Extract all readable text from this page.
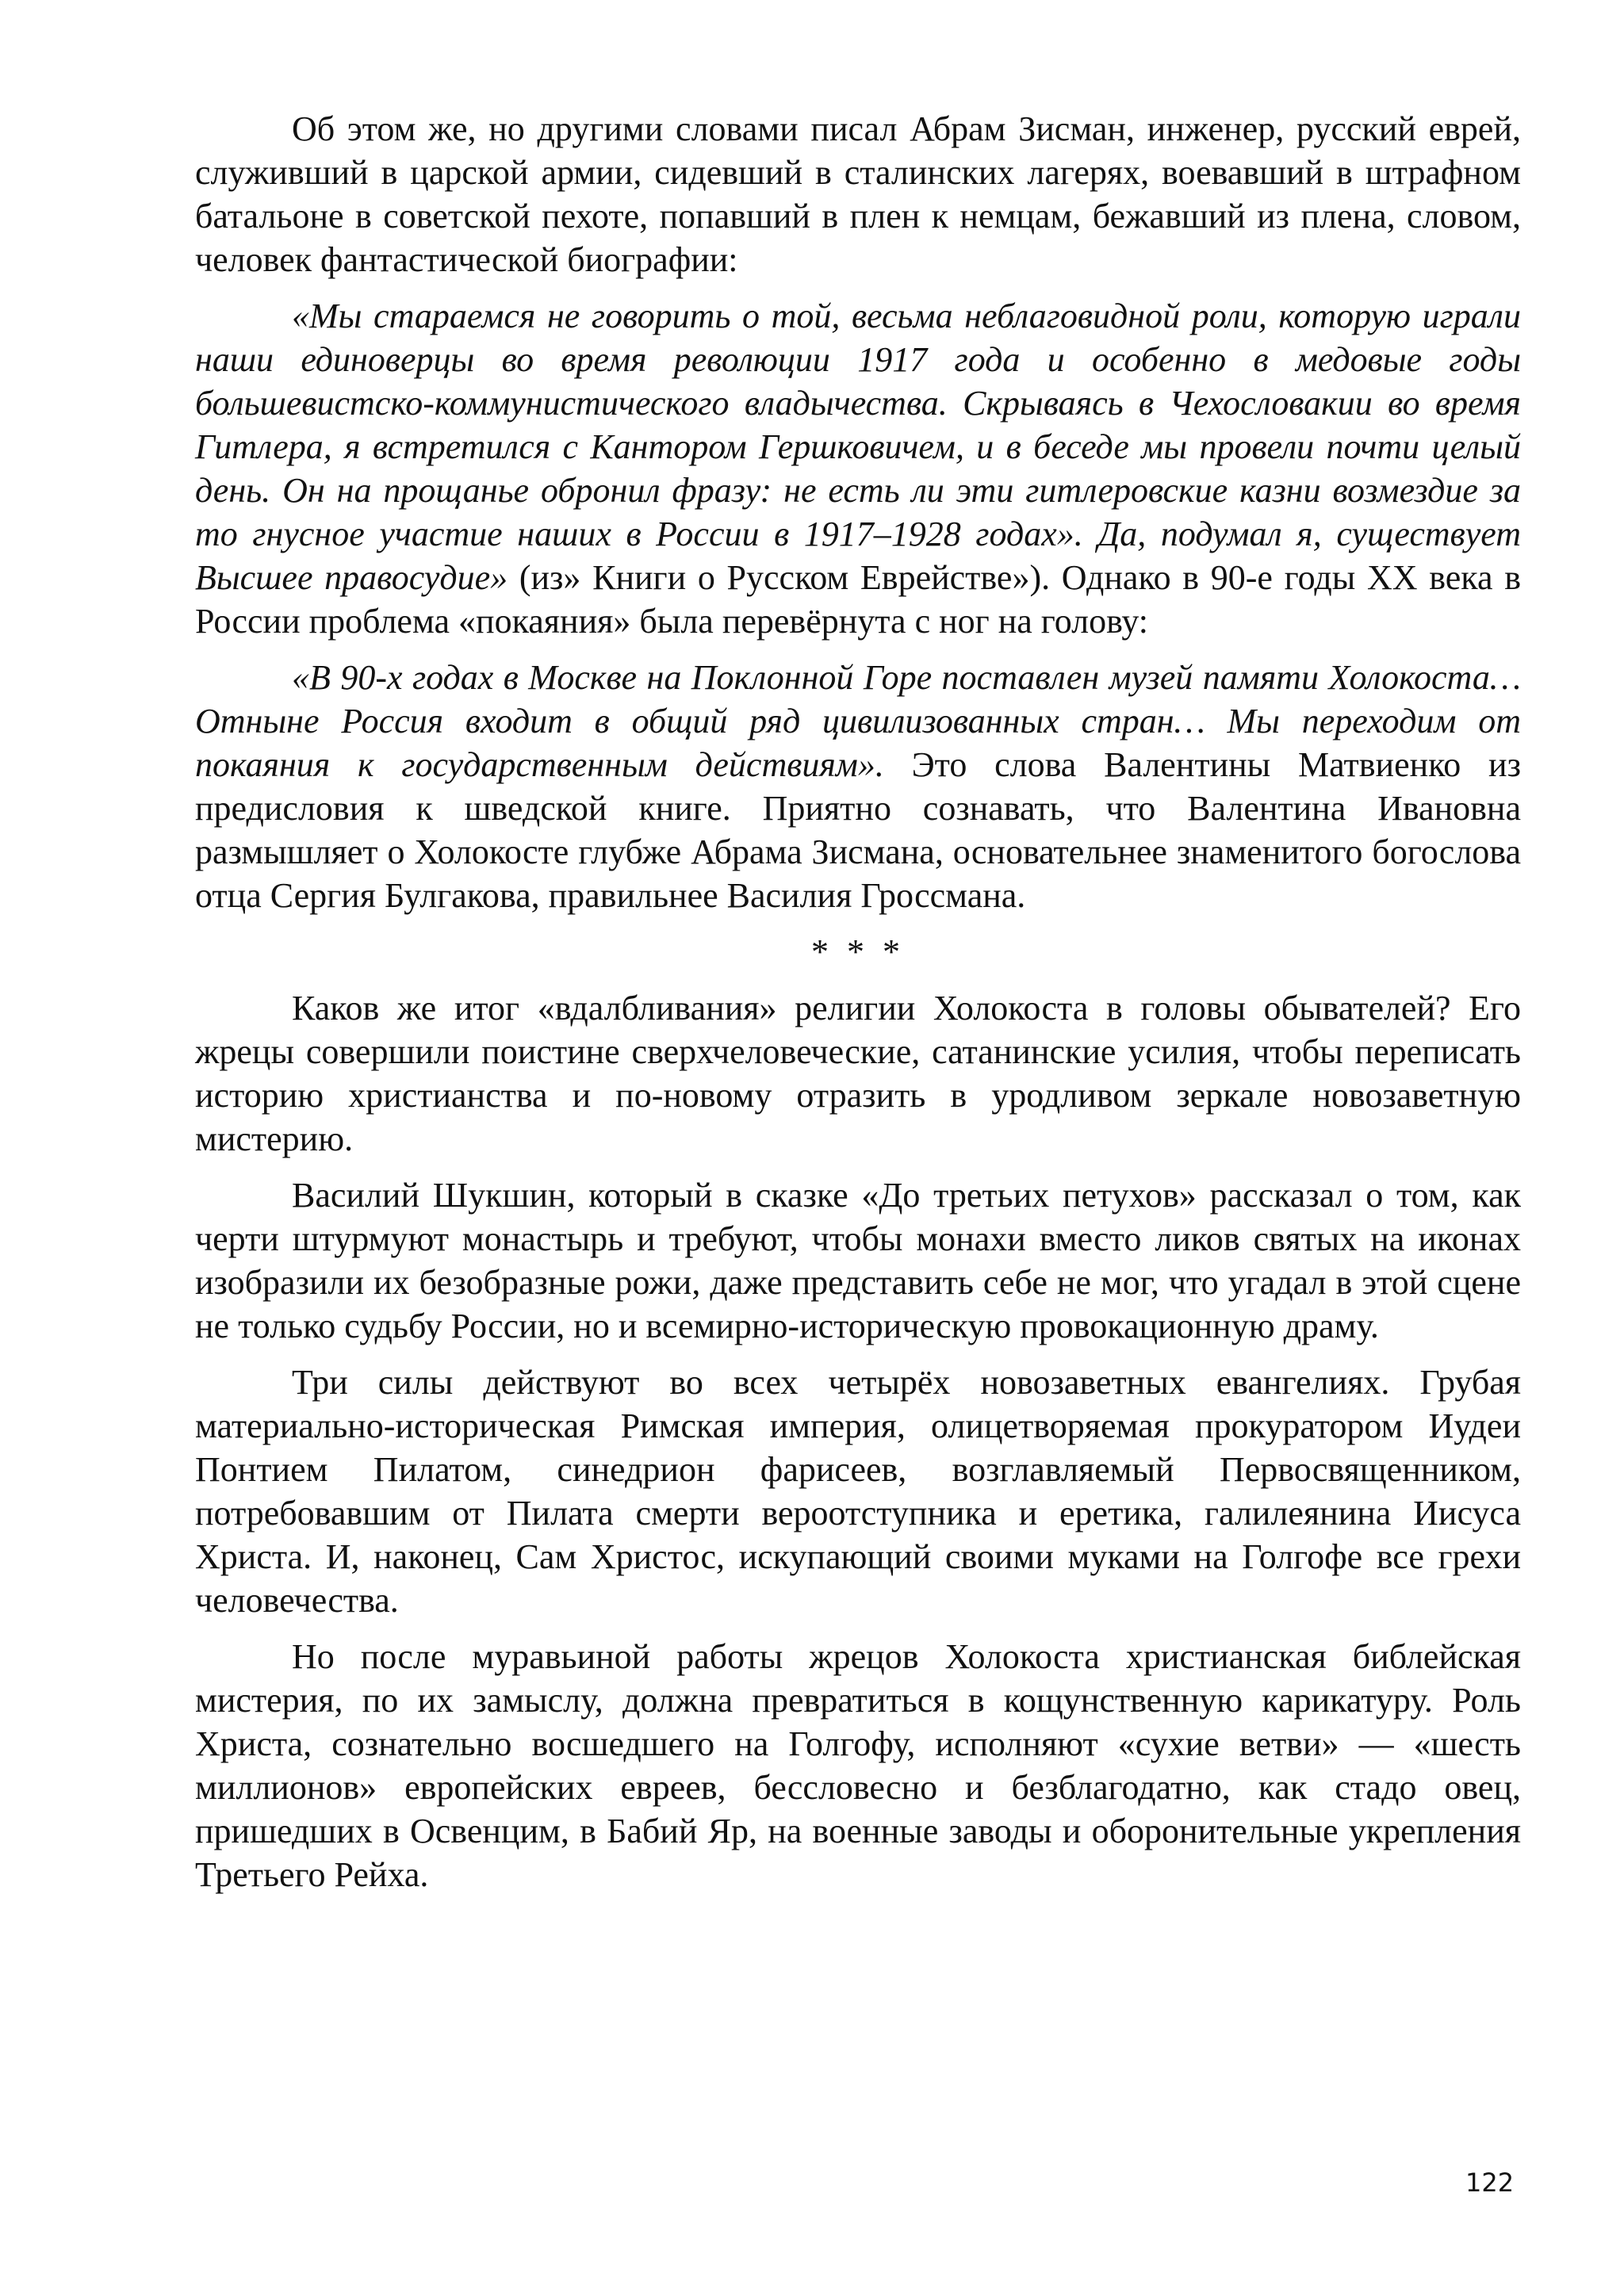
Об этом же, но другими словами писал Абрам Зисман, инженер, русский еврей, служивший в царской армии, сидевший в сталинских лагерях, воевавший в штрафном батальоне в советской пехоте, попавший в плен к немцам, бежавший из плена, словом, человек фантастической биографии:

«Мы стараемся не говорить о той, весьма неблаговидной роли, которую играли наши единоверцы во время революции 1917 года и особенно в медовые годы большевистско-коммунистического владычества. Скрываясь в Чехословакии во время Гитлера, я встретился с Кантором Гершковичем, и в беседе мы провели почти целый день. Он на прощанье обронил фразу: не есть ли эти гитлеровские казни возмездие за то гнусное участие наших в России в 1917–1928 годах». Да, подумал я, существует Высшее правосудие» (из» Книги о Русском Еврействе»). Однако в 90-е годы XX века в России проблема «покаяния» была перевёрнута с ног на голову:

«В 90-х годах в Москве на Поклонной Горе поставлен музей памяти Холокоста… Отныне Россия входит в общий ряд цивилизованных стран… Мы переходим от покаяния к государственным действиям». Это слова Валентины Матвиенко из предисловия к шведской книге. Приятно сознавать, что Валентина Ивановна размышляет о Холокосте глубже Абрама Зисмана, основательнее знаменитого богослова отца Сергия Булгакова, правильнее Василия Гроссмана.

* * *

Каков же итог «вдалбливания» религии Холокоста в головы обывателей? Его жрецы совершили поистине сверхчеловеческие, сатанинские усилия, чтобы переписать историю христианства и по-новому отразить в уродливом зеркале новозаветную мистерию.

Василий Шукшин, который в сказке «До третьих петухов» рассказал о том, как черти штурмуют монастырь и требуют, чтобы монахи вместо ликов святых на иконах изобразили их безобразные рожи, даже представить себе не мог, что угадал в этой сцене не только судьбу России, но и всемирно-историческую провокационную драму.

Три силы действуют во всех четырёх новозаветных евангелиях. Грубая материально-историческая Римская империя, олицетворяемая прокуратором Иудеи Понтием Пилатом, синедрион фарисеев, возглавляемый Первосвященником, потребовавшим от Пилата смерти вероотступника и еретика, галилеянина Иисуса Христа. И, наконец, Сам Христос, искупающий своими муками на Голгофе все грехи человечества.

Но после муравьиной работы жрецов Холокоста христианская библейская мистерия, по их замыслу, должна превратиться в кощунственную карикатуру. Роль Христа, сознательно восшедшего на Голгофу, исполняют «сухие ветви» — «шесть миллионов» европейских евреев, бессловесно и безблагодатно, как стадо овец, пришедших в Освенцим, в Бабий Яр, на военные заводы и оборонительные укрепления Третьего Рейха.

122
